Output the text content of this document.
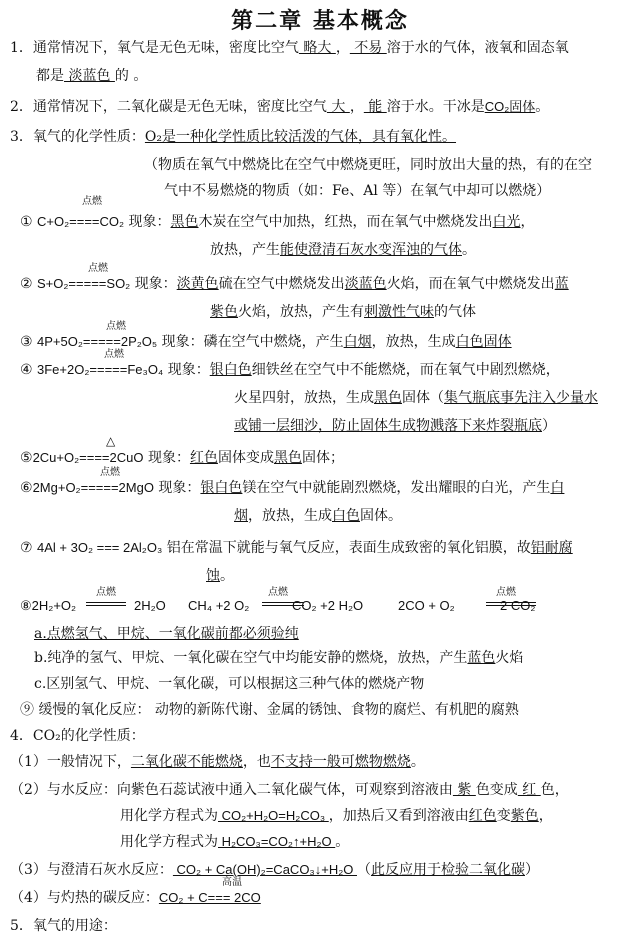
第二章 基本概念
1．通常情况下，氧气是无色无味，密度比空气 略大 ， 不易 溶于水的气体，液氧和固态氧
都是 淡蓝色 的 。
2．通常情况下，二氧化碳是无色无味，密度比空气 大 ， 能 溶于水。干冰是CO₂固体。
3．氧气的化学性质：O₂是一种化学性质比较活泼的气体，具有氧化性。
（物质在氧气中燃烧比在空气中燃烧更旺，同时放出大量的热，有的在空
气中不易燃烧的物质（如：Fe、Al 等）在氧气中却可以燃烧）
点燃
① C+O₂====CO₂ 现象：黑色木炭在空气中加热，红热，而在氧气中燃烧发出白光，
放热，产生能使澄清石灰水变浑浊的气体。
点燃
② S+O₂=====SO₂ 现象：淡黄色硫在空气中燃烧发出淡蓝色火焰，而在氧气中燃烧发出蓝
紫色火焰，放热，产生有刺激性气味的气体
点燃
③ 4P+5O₂=====2P₂O₅ 现象：磷在空气中燃烧，产生白烟，放热，生成白色固体
点燃
④ 3Fe+2O₂=====Fe₃O₄ 现象：银白色细铁丝在空气中不能燃烧，而在氧气中剧烈燃烧，
火星四射，放热，生成黑色固体（集气瓶底事先注入少量水
或铺一层细沙，防止固体生成物溅落下来炸裂瓶底）
△
⑤2Cu+O₂====2CuO 现象：红色固体变成黑色固体；
点燃
⑥2Mg+O₂=====2MgO 现象：银白色镁在空气中就能剧烈燃烧，发出耀眼的白光，产生白
烟，放热，生成白色固体。
⑦ 4Al + 3O₂ === 2Al₂O₃ 铝在常温下就能与氧气反应，表面生成致密的氧化铝膜，故铝耐腐
蚀。
点燃	点燃	点燃
⑧2H₂+O₂	2H₂O CH₄ +2 O₂	CO₂ +2 H₂O	2CO + O₂	2 CO₂
a.点燃氢气、甲烷、一氧化碳前都必须验纯
b.纯净的氢气、甲烷、一氧化碳在空气中均能安静的燃烧，放热，产生蓝色火焰
c.区别氢气、甲烷、一氧化碳，可以根据这三种气体的燃烧产物
⑨ 缓慢的氧化反应： 动物的新陈代谢、金属的锈蚀、食物的腐烂、有机肥的腐熟
4．CO₂的化学性质：
（1）一般情况下，二氧化碳不能燃烧，也不支持一般可燃物燃烧。
（2）与水反应：向紫色石蕊试液中通入二氧化碳气体，可观察到溶液由 紫 色变成 红 色，
用化学方程式为 CO₂+H₂O=H₂CO₃ ，加热后又看到溶液由红色变紫色，
用化学方程式为 H₂CO₃=CO₂↑+H₂O 。
（3）与澄清石灰水反应： CO₂ + Ca(OH)₂=CaCO₃↓+H₂O （此反应用于检验二氧化碳）
高温
（4）与灼热的碳反应：CO₂ + C=== 2CO
5．氧气的用途：
